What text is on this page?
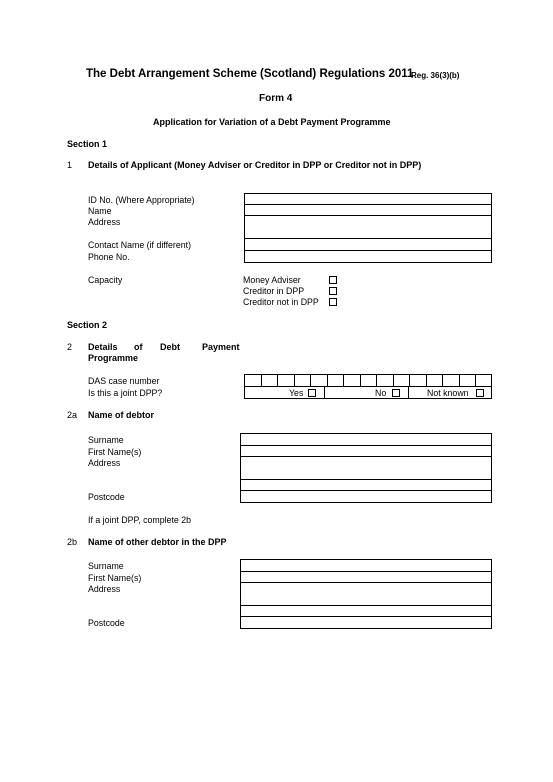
The Debt Arrangement Scheme (Scotland) Regulations 2011
Reg. 36(3)(b)
Form 4
Application for Variation of a Debt Payment Programme
Section 1
1 Details of Applicant (Money Adviser or Creditor in DPP or Creditor not in DPP)
ID No. (Where Appropriate)
Name
Address
Contact Name (if different)
Phone No.
Capacity	Money Adviser
Creditor in DPP
Creditor not in DPP
Section 2
2 Details of Debt Payment
Programme
DAS case number
Is this a joint DPP?	Yes	No	Not known
2a Name of debtor
Surname
First Name(s)
Address
Postcode
If a joint DPP, complete 2b
2b Name of other debtor in the DPP
Surname
First Name(s)
Address
Postcode
